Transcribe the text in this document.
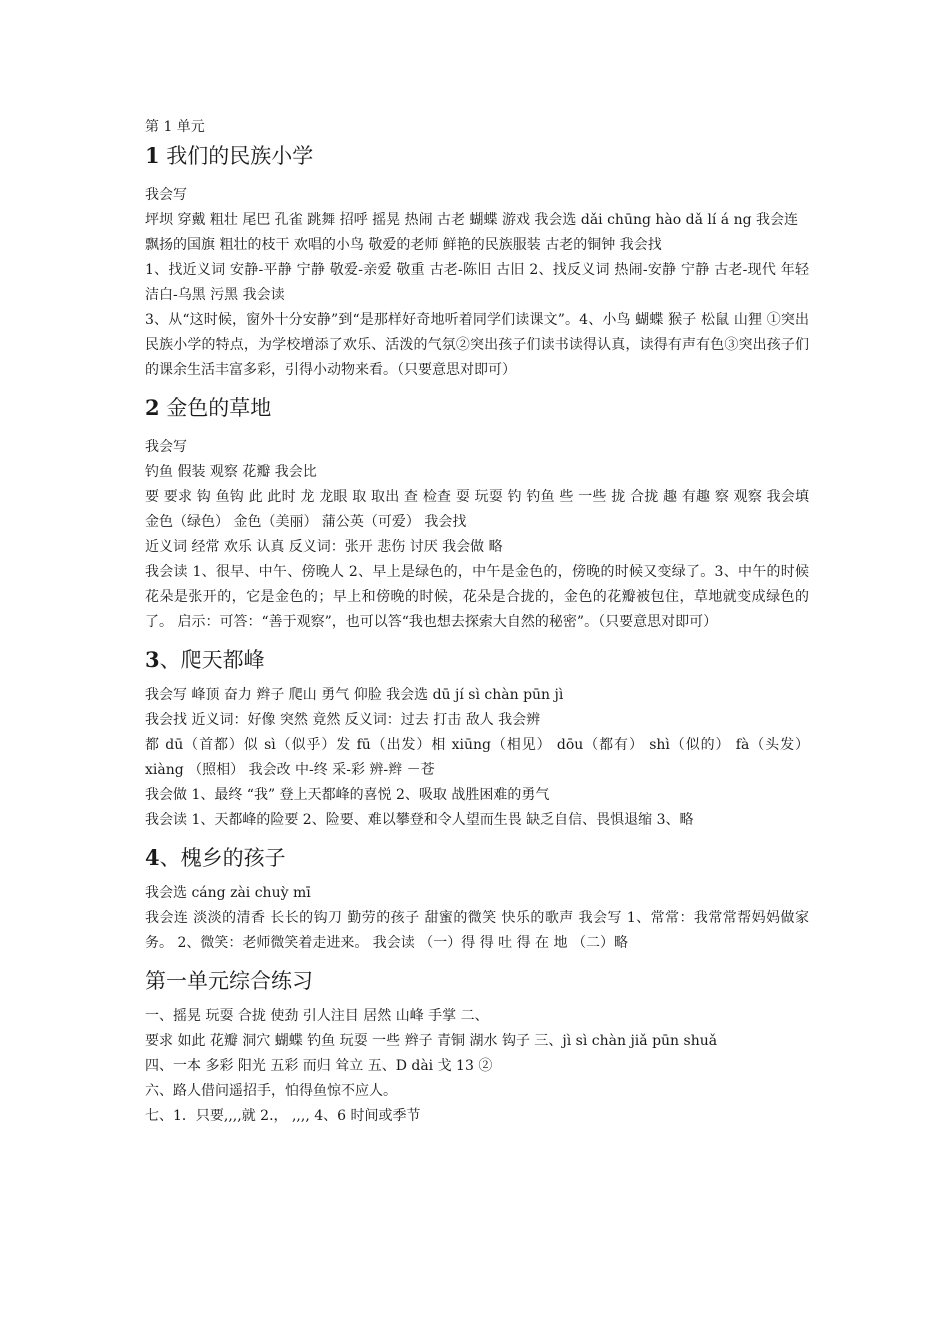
第 1 单元
1 我们的民族小学
我会写

坪坝 穿戴 粗壮 尾巴 孔雀 跳舞 招呼 摇晃 热闹 古老 蝴蝶 游戏 我会选 dǎi chūng hào dǎ lí á ng 我会连

飘扬的国旗 粗壮的枝干 欢唱的小鸟 敬爱的老师 鲜艳的民族服装 古老的铜钟 我会找

1、找近义词 安静-平静 宁静 敬爱-亲爱 敬重 古老-陈旧 古旧 2、找反义词 热闹-安静 宁静 古老-现代 年轻 洁白-乌黑 污黑 我会读

3、从“这时候，窗外十分安静”到“是那样好奇地听着同学们读课文”。4、小鸟 蝴蝶 猴子 松鼠 山狸 ①突出民族小学的特点，为学校增添了欢乐、活泼的气氛②突出孩子们读书读得认真，读得有声有色③突出孩子们的课余生活丰富多彩，引得小动物来看。（只要意思对即可）

2 金色的草地
我会写

钓鱼 假装 观察 花瓣 我会比

要 要求 钩 鱼钩 此 此时 龙 龙眼 取 取出 查 检查 耍 玩耍 钓 钓鱼 些 一些 拢 合拢 趣 有趣 察 观察 我会填 金色（绿色） 金色（美丽） 蒲公英（可爱） 我会找

近义词 经常 欢乐 认真 反义词：张开 悲伤 讨厌 我会做 略

我会读 1、很早、中午、傍晚人 2、早上是绿色的，中午是金色的，傍晚的时候又变绿了。3、中午的时候花朵是张开的，它是金色的；早上和傍晚的时候，花朵是合拢的，金色的花瓣被包住，草地就变成绿色的了。 启示：可答：“善于观察”，也可以答“我也想去探索大自然的秘密”。（只要意思对即可）

3、爬天都峰

我会写 峰顶 奋力 辫子 爬山 勇气 仰脸 我会选 dū jí sì chàn pūn jì

我会找 近义词：好像 突然 竟然 反义词：过去 打击 敌人 我会辨

都 dū（首都）似 sì（似乎）发 fū（出发）相 xiūng（相见） dōu（都有） shì（似的） fà（头发） xiàng （照相） 我会改 中-终 采-彩 辨-辫 －苍

我会做 1、最终 “我” 登上天都峰的喜悦 2、吸取 战胜困难的勇气

我会读 1、天都峰的险要 2、险要、难以攀登和令人望而生畏 缺乏自信、畏惧退缩 3、略

4、槐乡的孩子

我会选 cáng zài chuỳ mī

我会连 淡淡的清香 长长的钩刀 勤劳的孩子 甜蜜的微笑 快乐的歌声 我会写 1、常常：我常常帮妈妈做家务。 2、微笑：老师微笑着走进来。 我会读 （一）得 得 吐 得 在 地 （二）略

第一单元综合练习

一、摇晃 玩耍 合拢 使劲 引人注目 居然 山峰 手掌 二、

要求 如此 花瓣 洞穴 蝴蝶 钓鱼 玩耍 一些 辫子 青铜 湖水 钩子 三、jì sì chàn jiǎ pūn shuǎ

四、一本 多彩 阳光 五彩 而归 耸立 五、D dài 戈 13 ②

六、路人借问遥招手，怕得鱼惊不应人。

七、1．只要,,,,就 2.， ,,,, 4、6 时间或季节
